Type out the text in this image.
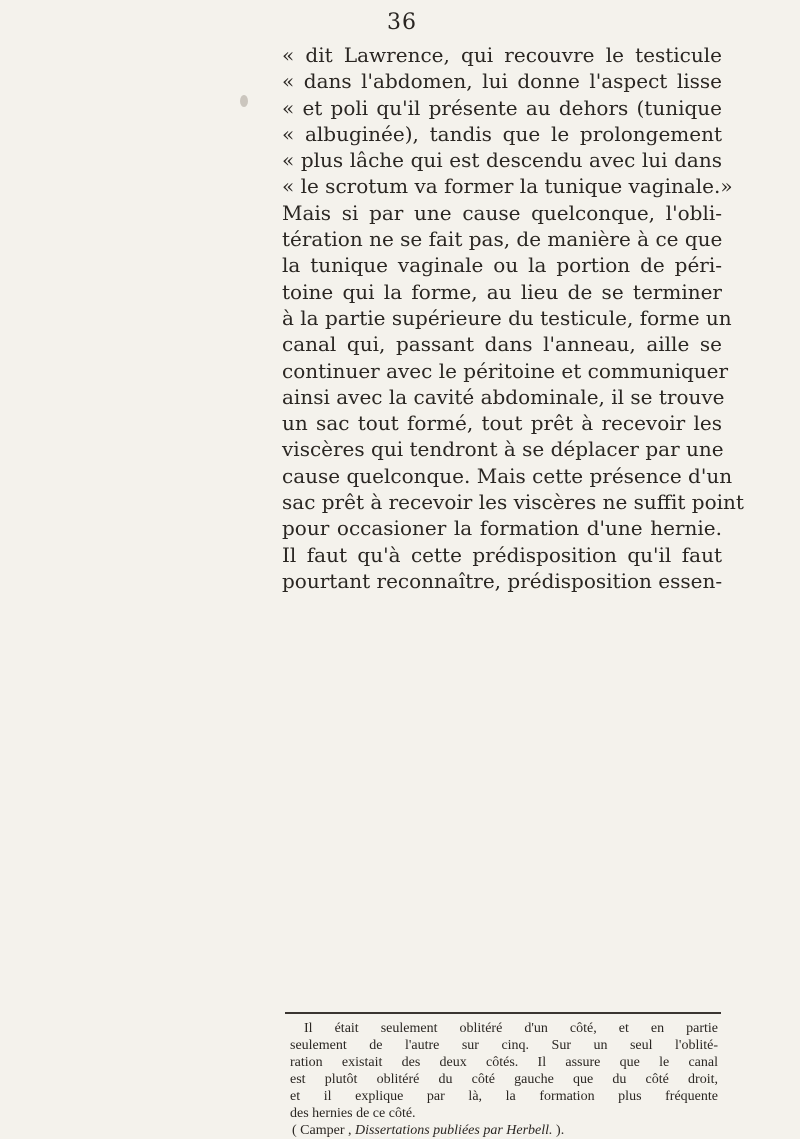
36
« dit Lawrence, qui recouvre le testicule
« dans l'abdomen, lui donne l'aspect lisse
« et poli qu'il présente au dehors (tunique
« albuginée), tandis que le prolongement
« plus lâche qui est descendu avec lui dans
« le scrotum va former la tunique vaginale.»
Mais si par une cause quelconque, l'obli-
tération ne se fait pas, de manière à ce que
la tunique vaginale ou la portion de péri-
toine qui la forme, au lieu de se terminer
à la partie supérieure du testicule, forme un
canal qui, passant dans l'anneau, aille se
continuer avec le péritoine et communiquer
ainsi avec la cavité abdominale, il se trouve
un sac tout formé, tout prêt à recevoir les
viscères qui tendront à se déplacer par une
cause quelconque. Mais cette présence d'un
sac prêt à recevoir les viscères ne suffit point
pour occasioner la formation d'une hernie.
Il faut qu'à cette prédisposition qu'il faut
pourtant reconnaître, prédisposition essen-
Il était seulement oblitéré d'un côté, et en partie
seulement de l'autre sur cinq. Sur un seul l'oblité-
ration existait des deux côtés. Il assure que le canal
est plutôt oblitéré du côté gauche que du côté droit,
et il explique par là, la formation plus fréquente
des hernies de ce côté.
( Camper , Dissertations publiées par Herbell. ).
